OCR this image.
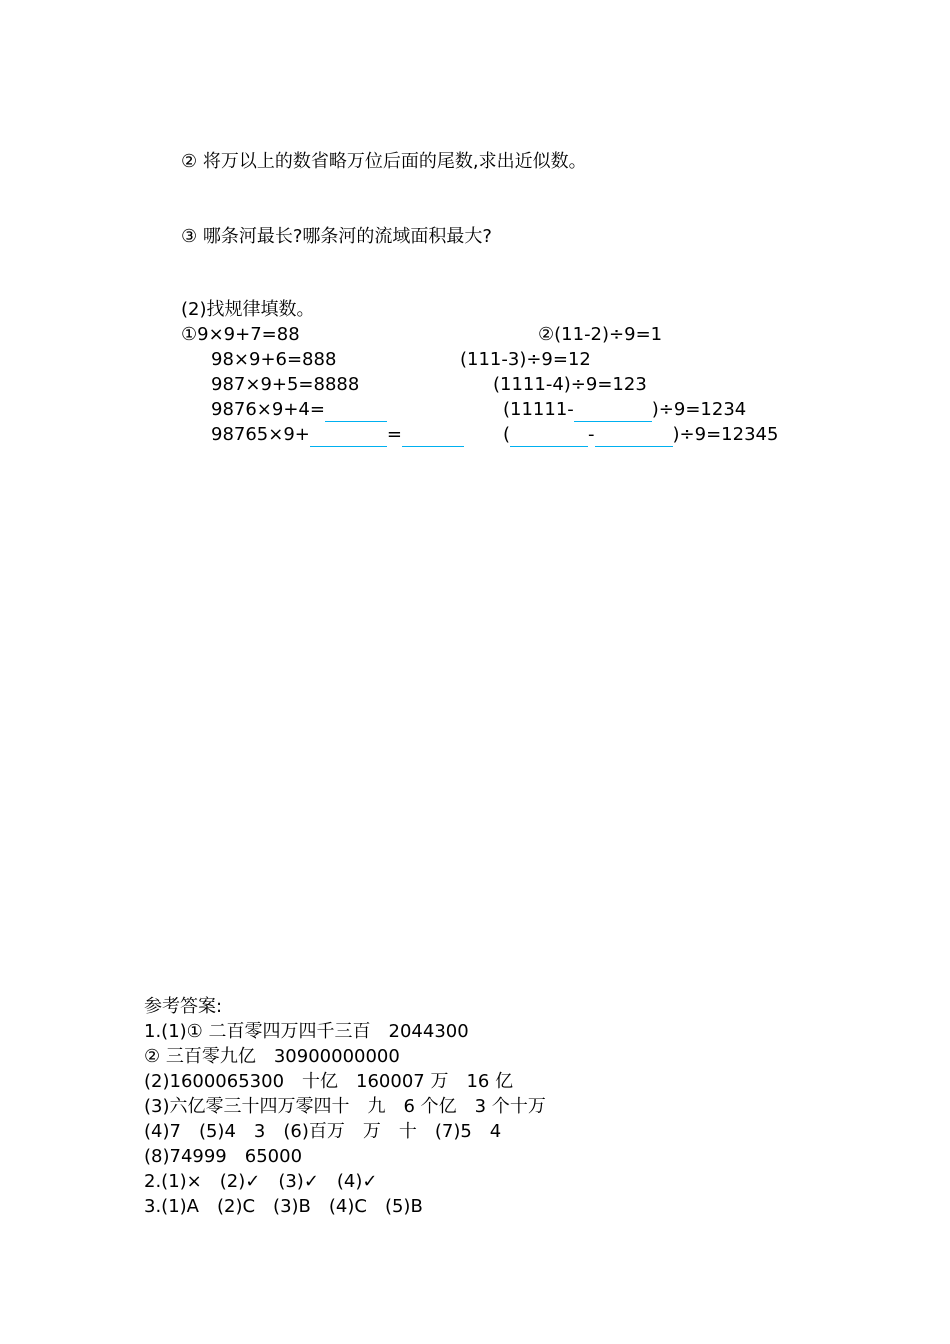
② 将万以上的数省略万位后面的尾数,求出近似数。
③ 哪条河最长?哪条河的流域面积最大?
(2)找规律填数。
①9×9+7=88
98×9+6=888
987×9+5=8888
9876×9+4=
98765×9+	=
②(11-2)÷9=1
(111-3)÷9=12
(1111-4)÷9=123
(11111-	)÷9=1234
(	-	)÷9=12345
参考答案:
1.(1)① 二百零四万四千三百　2044300
② 三百零九亿　30900000000
(2)1600065300　十亿　160007 万　16 亿
(3)六亿零三十四万零四十　九　6 个亿　3 个十万
(4)7　(5)4　3　(6)百万　万　十　(7)5　4
(8)74999　65000
2.(1)×　(2)✓　(3)✓　(4)✓
3.(1)A　(2)C　(3)B　(4)C　(5)B
